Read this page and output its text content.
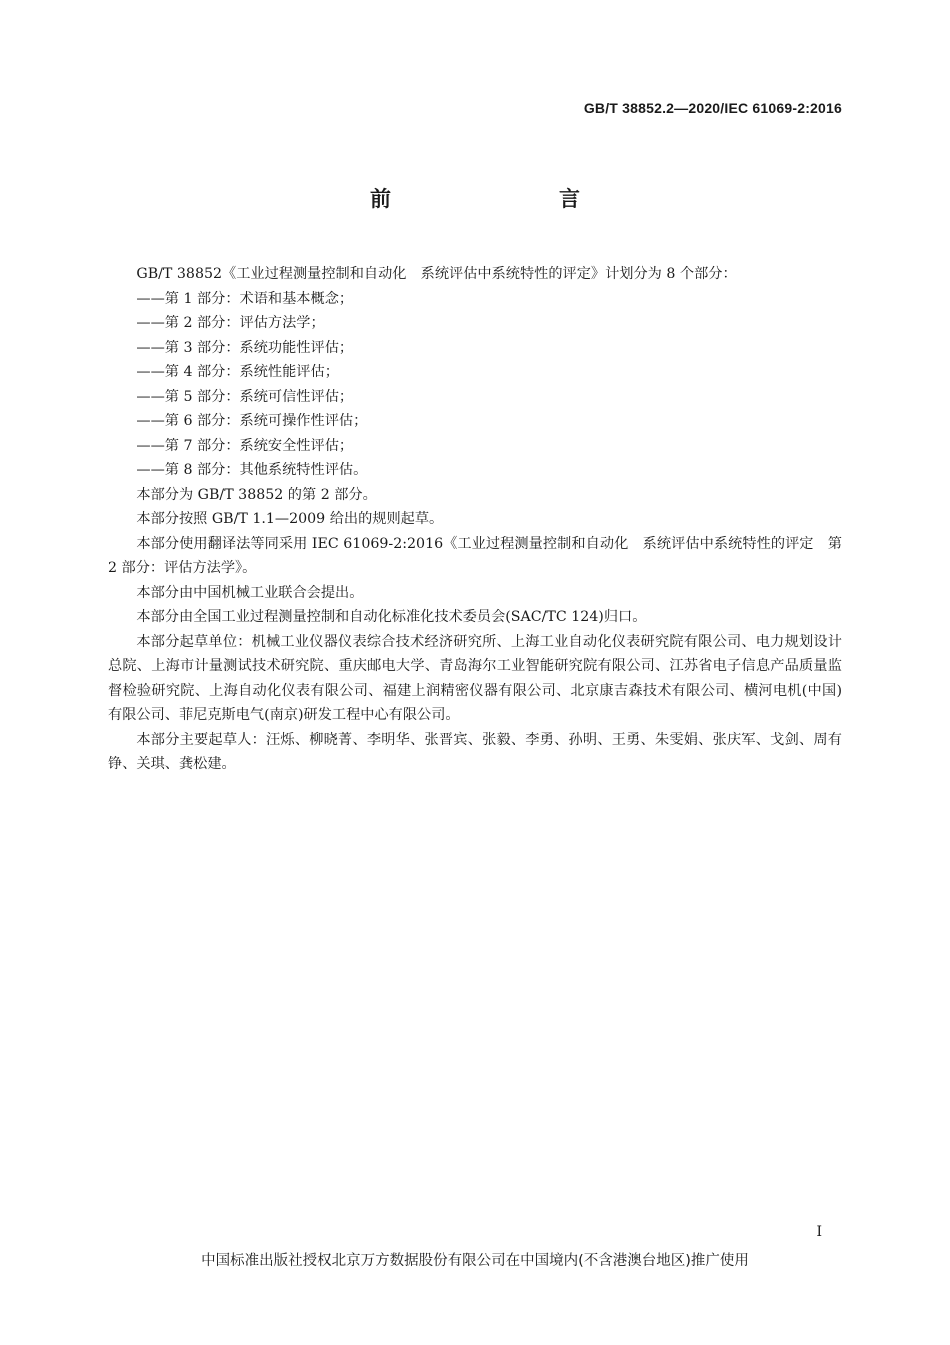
GB/T 38852.2—2020/IEC 61069-2:2016
前　　言

GB/T 38852《工业过程测量控制和自动化　系统评估中系统特性的评定》计划分为 8 个部分：

——第 1 部分：术语和基本概念；

——第 2 部分：评估方法学；

——第 3 部分：系统功能性评估；

——第 4 部分：系统性能评估；

——第 5 部分：系统可信性评估；

——第 6 部分：系统可操作性评估；

——第 7 部分：系统安全性评估；

——第 8 部分：其他系统特性评估。

本部分为 GB/T 38852 的第 2 部分。

本部分按照 GB/T 1.1—2009 给出的规则起草。

本部分使用翻译法等同采用 IEC 61069-2:2016《工业过程测量控制和自动化　系统评估中系统特性的评定　第 2 部分：评估方法学》。

本部分由中国机械工业联合会提出。

本部分由全国工业过程测量控制和自动化标准化技术委员会(SAC/TC 124)归口。

本部分起草单位：机械工业仪器仪表综合技术经济研究所、上海工业自动化仪表研究院有限公司、电力规划设计总院、上海市计量测试技术研究院、重庆邮电大学、青岛海尔工业智能研究院有限公司、江苏省电子信息产品质量监督检验研究院、上海自动化仪表有限公司、福建上润精密仪器有限公司、北京康吉森技术有限公司、横河电机(中国)有限公司、菲尼克斯电气(南京)研发工程中心有限公司。

本部分主要起草人：汪烁、柳晓菁、李明华、张晋宾、张毅、李勇、孙明、王勇、朱雯娟、张庆军、戈剑、周有铮、关琪、龚松建。

I
中国标准出版社授权北京万方数据股份有限公司在中国境内(不含港澳台地区)推广使用
